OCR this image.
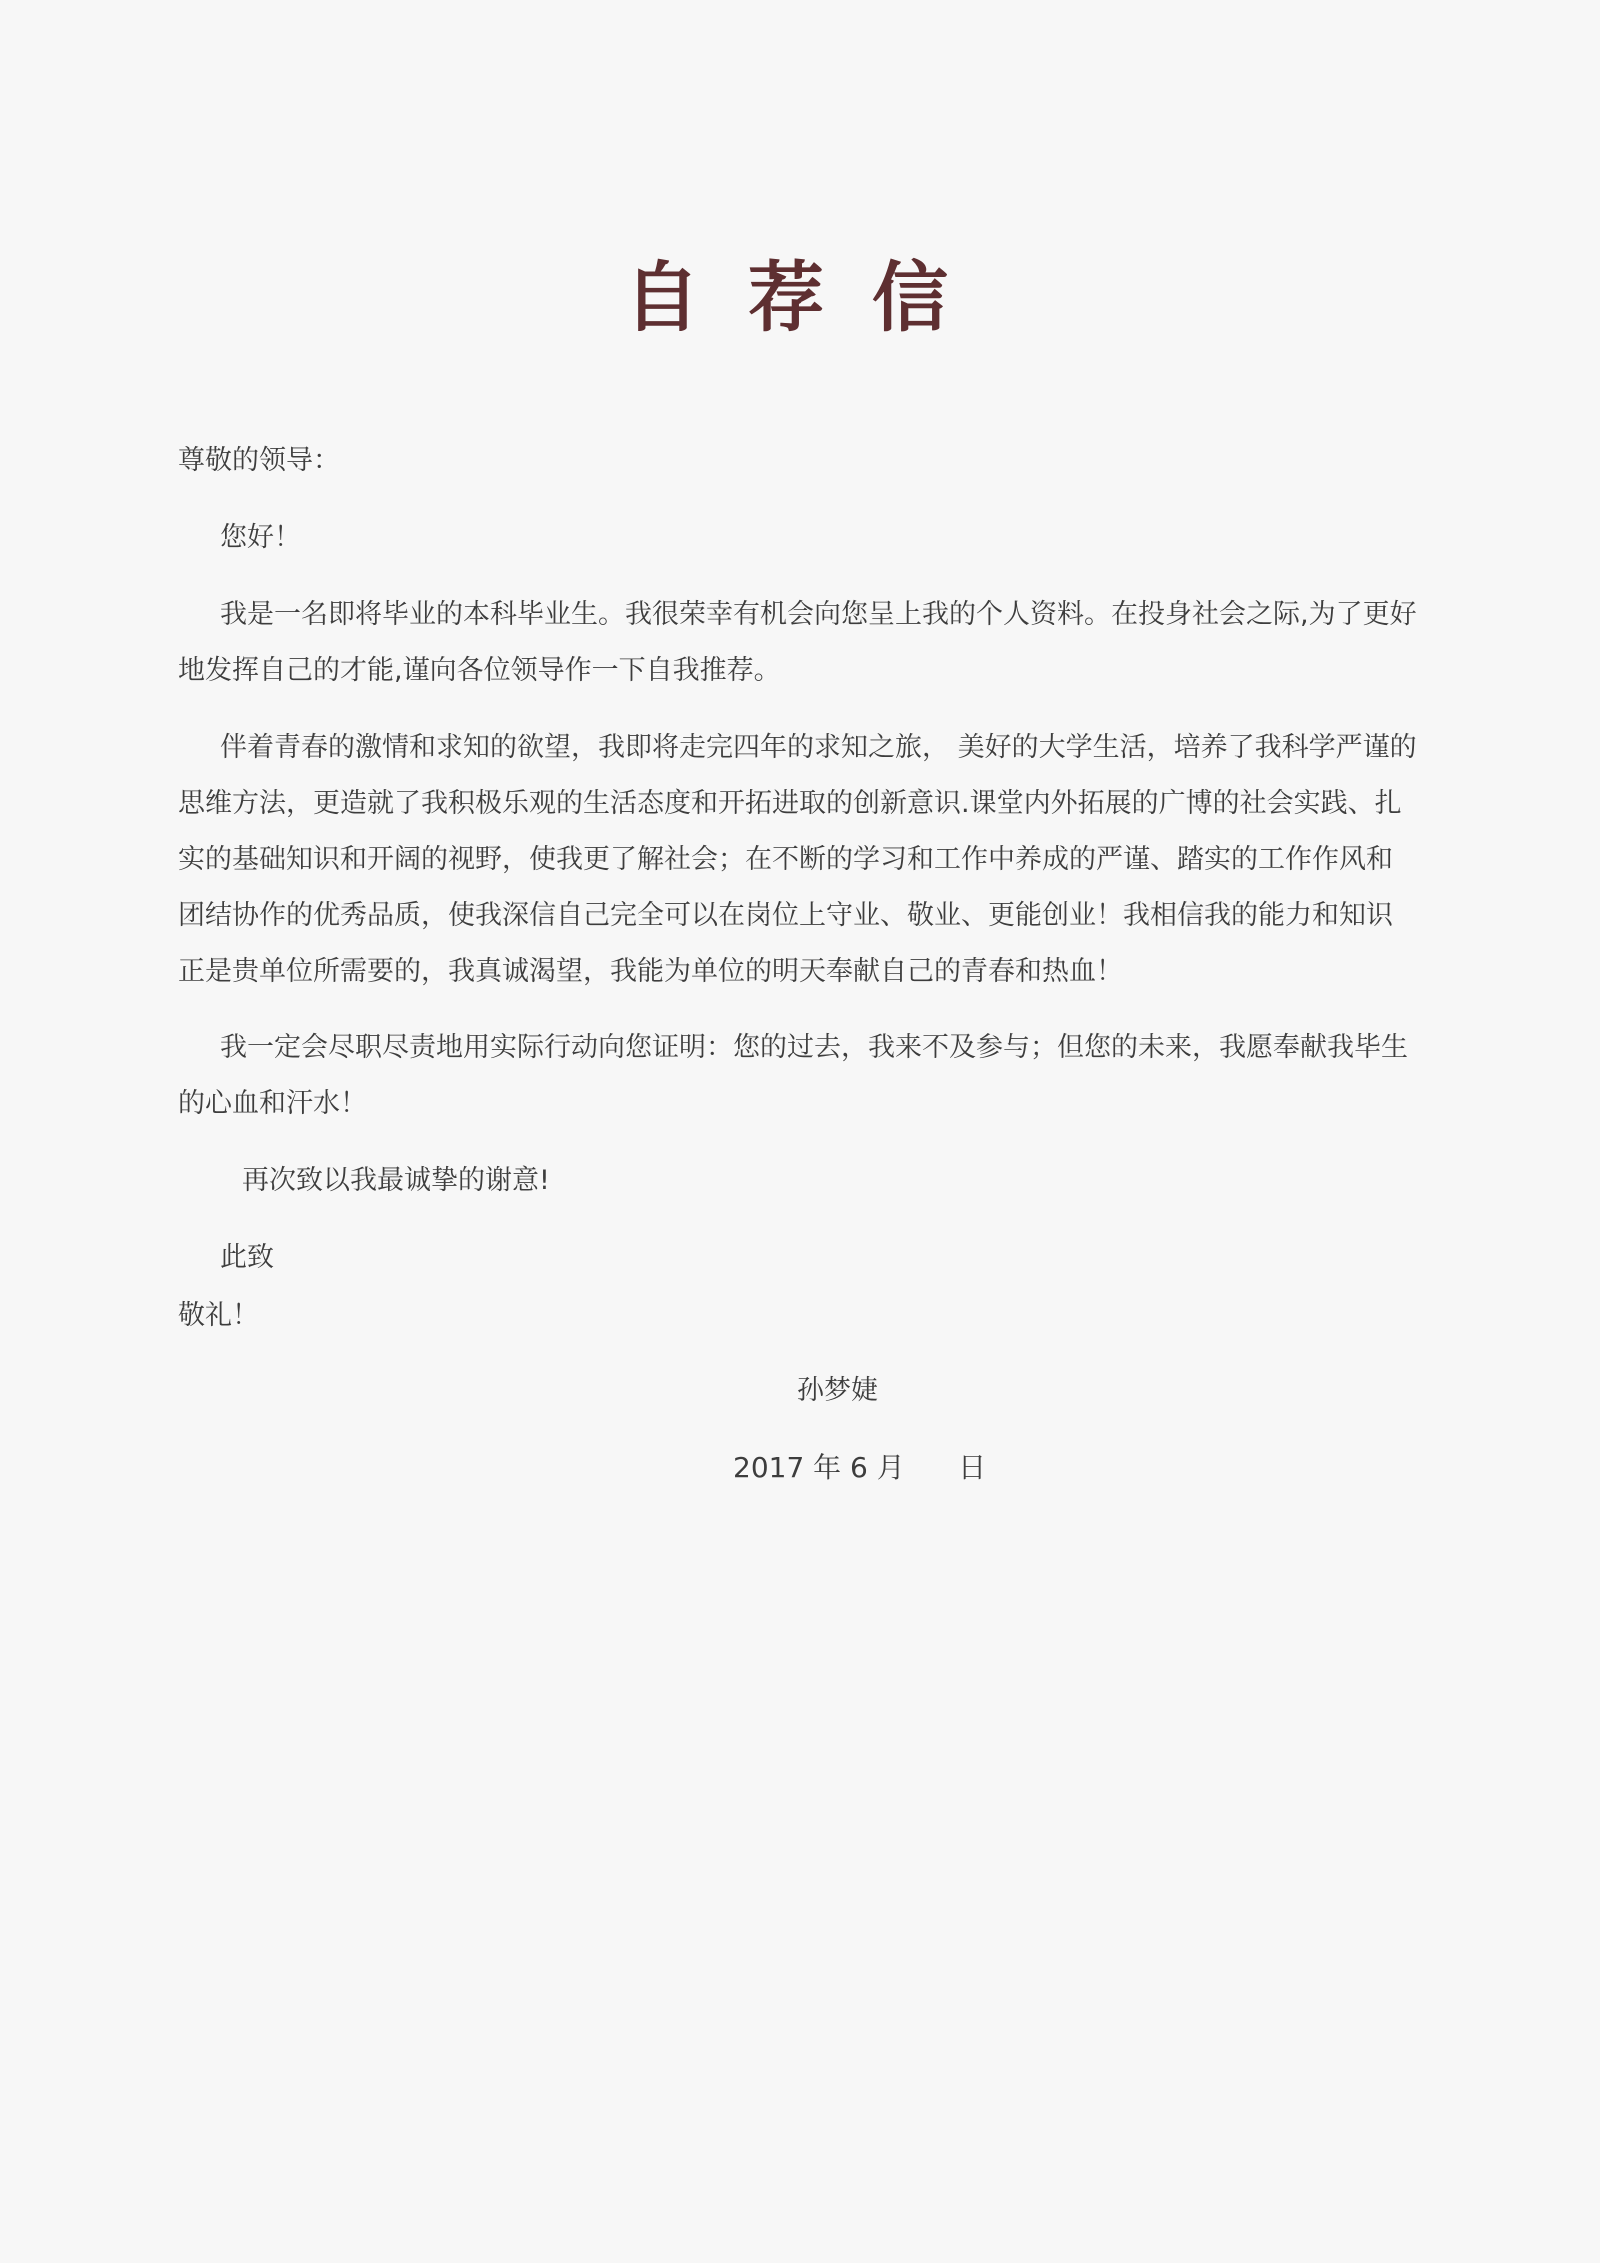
自荐信

尊敬的领导：

您好！

我是一名即将毕业的本科毕业生。我很荣幸有机会向您呈上我的个人资料。在投身社会之际,为了更好地发挥自己的才能,谨向各位领导作一下自我推荐。

伴着青春的激情和求知的欲望，我即将走完四年的求知之旅， 美好的大学生活，培养了我科学严谨的思维方法，更造就了我积极乐观的生活态度和开拓进取的创新意识.课堂内外拓展的广博的社会实践、扎实的基础知识和开阔的视野，使我更了解社会；在不断的学习和工作中养成的严谨、踏实的工作作风和团结协作的优秀品质，使我深信自己完全可以在岗位上守业、敬业、更能创业！我相信我的能力和知识正是贵单位所需要的，我真诚渴望，我能为单位的明天奉献自己的青春和热血！

我一定会尽职尽责地用实际行动向您证明：您的过去，我来不及参与；但您的未来，我愿奉献我毕生的心血和汗水！

再次致以我最诚挚的谢意!

此致

敬礼！

孙梦婕
2017 年 6 月      日
